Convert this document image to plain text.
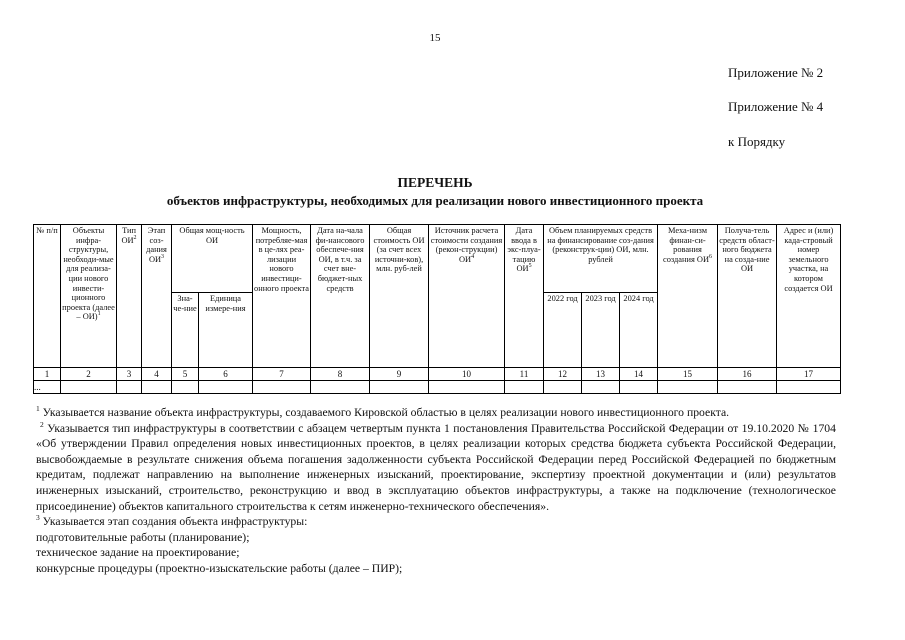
15
Приложение № 2
Приложение № 4
к Порядку
ПЕРЕЧЕНЬ
объектов инфраструктуры, необходимых для реализации нового инвестиционного проекта
№ п/п	Объекты инфра-структуры, необходи-мые для реализа-ции нового инвести-ционного проекта (далее – ОИ)$^1$	Тип $ОИ^2$	Этап соз-дания $ОИ^3$	Общая мощ-ность ОИ		Мощность, потребляе-мая в це-лях реа-лизации нового инвестици-онного проекта	Дата на-чала фи-нансового обеспече-ния ОИ, в т.ч. за счет вне-бюджет-ных средств	Общая стоимость ОИ (за счет всех источни-ков), млн. руб-лей	Источник расчета стоимости создания (рекон-струкции) $ОИ^4$	Дата ввода в экс-плуа-тацию $ОИ^5$	Объем планируемых средств на финансирование соз-дания (реконструк-ции) ОИ, млн. рублей			Меха-низм финан-си-рования создания $ОИ^6$	Получа-тель средств област-ного бюджета на созда-ние ОИ	Адрес и (или) када-стровый номер земельного участка, на котором создается ОИ
				Зна-че-ние	Единица измере-ния						2022 год	2023 год	2024 год			
1	2	3	4	5	6	7	8	9	10	11	12	13	14	15	16	17
...																

$^1$ Указывается название объекта инфраструктуры, создаваемого Кировской областью в целях реализации нового инвестиционного проекта.

$^2$ Указывается тип инфраструктуры в соответствии с абзацем четвертым пункта 1 постановления Правительства Российской Федерации от 19.10.2020 № 1704 «Об утверждении Правил определения новых инвестиционных проектов, в целях реализации которых средства бюджета субъекта Российской Федерации, высвобождаемые в результате снижения объема погашения задолженности субъекта Российской Федерации перед Российской Федерацией по бюджетным кредитам, подлежат направлению на выполнение инженерных изысканий, проектирование, экспертизу проектной документации и (или) результатов инженерных изысканий, строительство, реконструкцию и ввод в эксплуатацию объектов инфраструктуры, а также на подключение (технологическое присоединение) объектов капитального строительства к сетям инженерно-технического обеспечения».

$^3$ Указывается этап создания объекта инфраструктуры:

подготовительные работы (планирование);

техническое задание на проектирование;

конкурсные процедуры (проектно-изыскательские работы (далее – ПИР);
